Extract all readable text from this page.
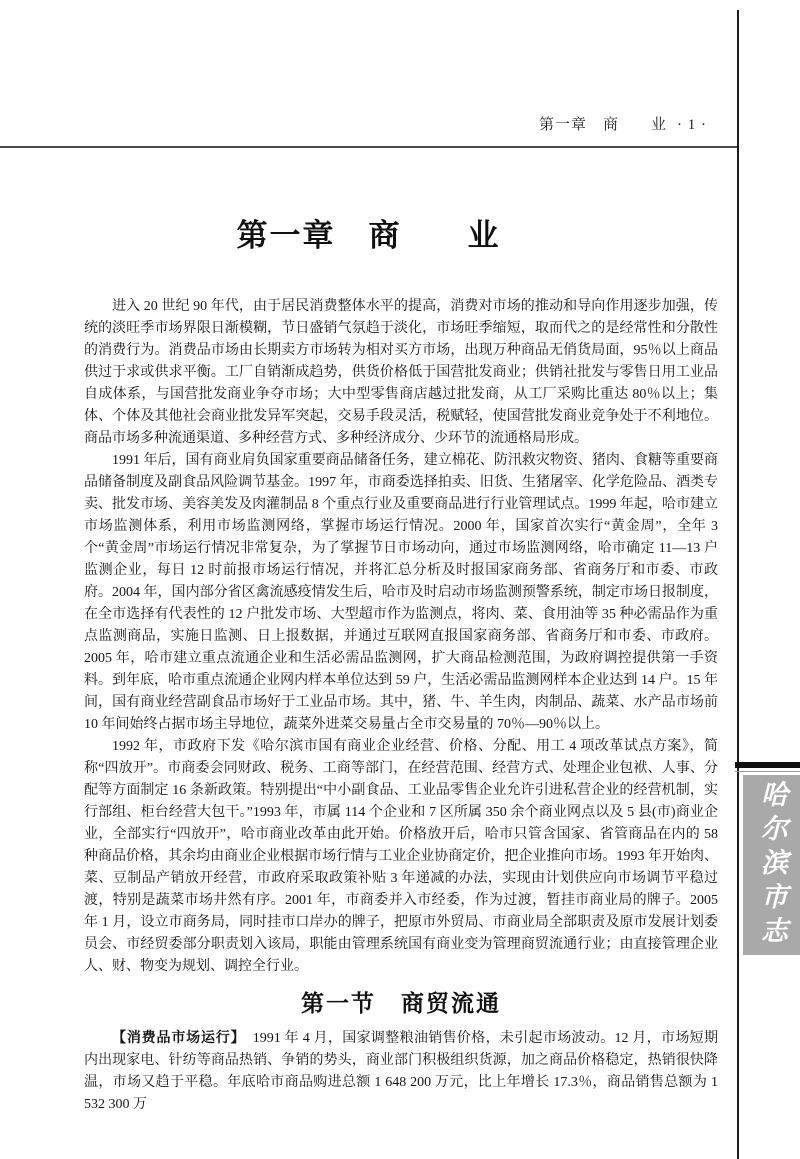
第一章　商　　业 · 1 ·
第一章　商　　业

进入 20 世纪 90 年代，由于居民消费整体水平的提高，消费对市场的推动和导向作用逐步加强，传统的淡旺季市场界限日渐模糊，节日盛销气氛趋于淡化，市场旺季缩短，取而代之的是经常性和分散性的消费行为。消费品市场由长期卖方市场转为相对买方市场，出现万种商品无俏货局面，95％以上商品供过于求或供求平衡。工厂自销渐成趋势，供货价格低于国营批发商业；供销社批发与零售日用工业品自成体系，与国营批发商业争夺市场；大中型零售商店越过批发商，从工厂采购比重达 80％以上；集体、个体及其他社会商业批发异军突起，交易手段灵活，税赋轻，使国营批发商业竞争处于不利地位。商品市场多种流通渠道、多种经营方式、多种经济成分、少环节的流通格局形成。

1991 年后，国有商业肩负国家重要商品储备任务，建立棉花、防汛救灾物资、猪肉、食糖等重要商品储备制度及副食品风险调节基金。1997 年，市商委选择拍卖、旧货、生猪屠宰、化学危险品、酒类专卖、批发市场、美容美发及肉灌制品 8 个重点行业及重要商品进行行业管理试点。1999 年起，哈市建立市场监测体系，利用市场监测网络，掌握市场运行情况。2000 年，国家首次实行“黄金周”，全年 3 个“黄金周”市场运行情况非常复杂，为了掌握节日市场动向，通过市场监测网络，哈市确定 11—13 户监测企业，每日 12 时前报市场运行情况，并将汇总分析及时报国家商务部、省商务厅和市委、市政府。2004 年，国内部分省区禽流感疫情发生后，哈市及时启动市场监测预警系统，制定市场日报制度，在全市选择有代表性的 12 户批发市场、大型超市作为监测点，将肉、菜、食用油等 35 种必需品作为重点监测商品，实施日监测、日上报数据，并通过互联网直报国家商务部、省商务厅和市委、市政府。2005 年，哈市建立重点流通企业和生活必需品监测网，扩大商品检测范围，为政府调控提供第一手资料。到年底，哈市重点流通企业网内样本单位达到 59 户，生活必需品监测网样本企业达到 14 户。15 年间，国有商业经营副食品市场好于工业品市场。其中，猪、牛、羊生肉，肉制品、蔬菜、水产品市场前 10 年间始终占据市场主导地位，蔬菜外进菜交易量占全市交易量的 70％—90％以上。

1992 年，市政府下发《哈尔滨市国有商业企业经营、价格、分配、用工 4 项改革试点方案》，简称“四放开”。市商委会同财政、税务、工商等部门，在经营范围、经营方式、处理企业包袱、人事、分配等方面制定 16 条新政策。特别提出“中小副食品、工业品零售企业允许引进私营企业的经营机制，实行部组、柜台经营大包干。”1993 年，市属 114 个企业和 7 区所属 350 余个商业网点以及 5 县(市)商业企业，全部实行“四放开”，哈市商业改革由此开始。价格放开后，哈市只管含国家、省管商品在内的 58 种商品价格，其余均由商业企业根据市场行情与工业企业协商定价，把企业推向市场。1993 年开始肉、菜、豆制品产销放开经营，市政府采取政策补贴 3 年递减的办法，实现由计划供应向市场调节平稳过渡，特别是蔬菜市场井然有序。2001 年，市商委并入市经委，作为过渡，暂挂市商业局的牌子。2005 年 1 月，设立市商务局，同时挂市口岸办的牌子，把原市外贸局、市商业局全部职责及原市发展计划委员会、市经贸委部分职责划入该局，职能由管理系统国有商业变为管理商贸流通行业；由直接管理企业人、财、物变为规划、调控全行业。

第一节　商贸流通

【消费品市场运行】　1991 年 4 月，国家调整粮油销售价格，未引起市场波动。12 月，市场短期内出现家电、针纺等商品热销、争销的势头，商业部门积极组织货源，加之商品价格稳定，热销很快降温，市场又趋于平稳。年底哈市商品购进总额 1 648 200 万元，比上年增长 17.3％，商品销售总额为 1 532 300 万

哈尔滨市志
